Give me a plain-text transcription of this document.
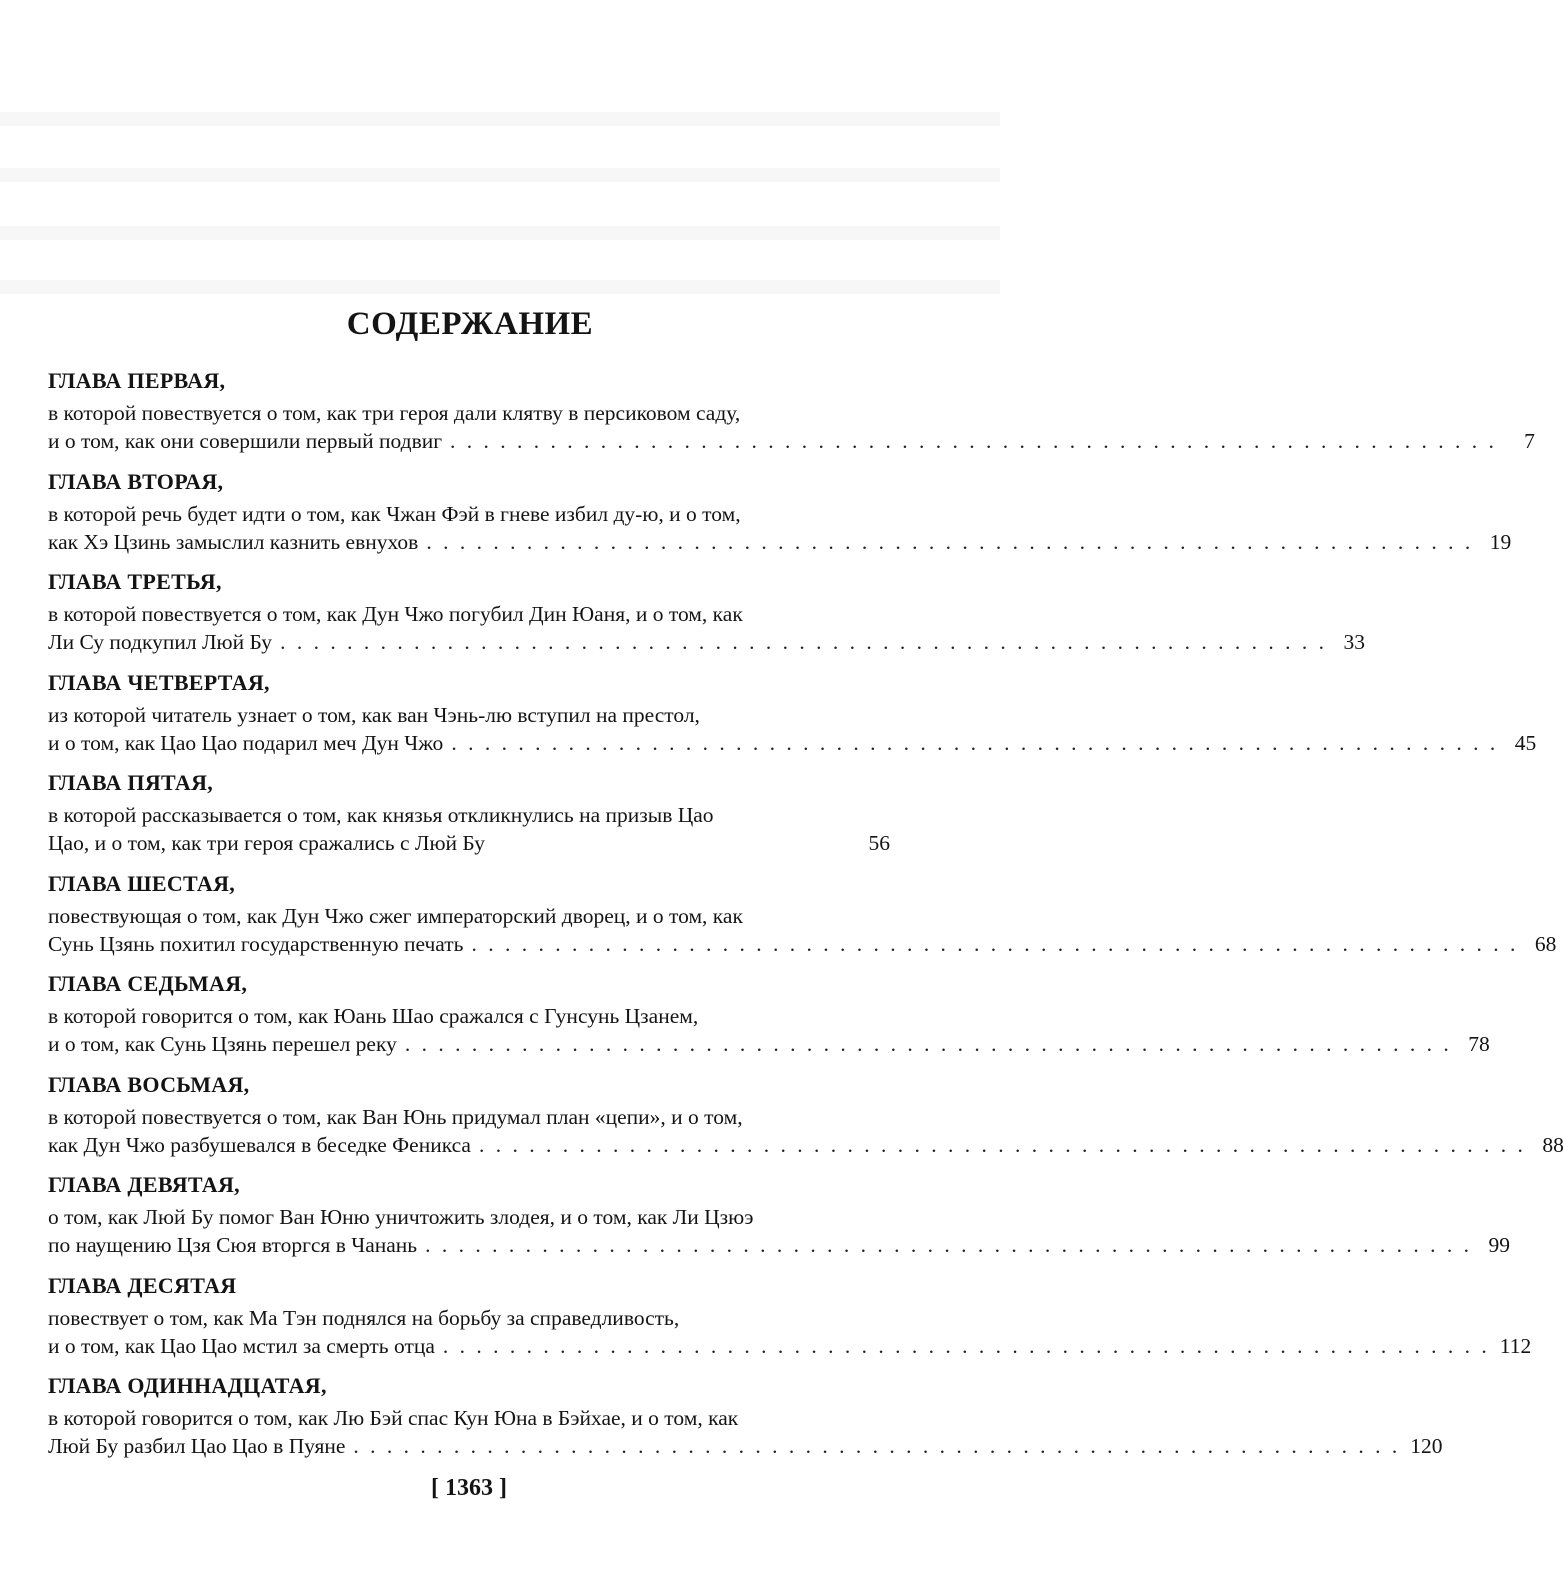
СОДЕРЖАНИЕ
ГЛАВА ПЕРВАЯ,
в которой повествуется о том, как три героя дали клятву в персиковом саду,
и о том, как они совершили первый подвиг . . . . . . . . . . . . . . . . . . . . . . . . . . . . . . . . . . . . . . . . . . . . . . . . . . . . . . . . . . . . . . .	7
ГЛАВА ВТОРАЯ,
в которой речь будет идти о том, как Чжан Фэй в гневе избил ду-ю, и о том,
как Хэ Цзинь замыслил казнить евнухов . . . . . . . . . . . . . . . . . . . . . . . . . . . . . . . . . . . . . . . . . . . . . . . . . . . . . . . . . . . . . . . 19
ГЛАВА ТРЕТЬЯ,
в которой повествуется о том, как Дун Чжо погубил Дин Юаня, и о том, как
Ли Су подкупил Люй Бу . . . . . . . . . . . . . . . . . . . . . . . . . . . . . . . . . . . . . . . . . . . . . . . . . . . . . . . . . . . . . . . 33
ГЛАВА ЧЕТВЕРТАЯ,
из которой читатель узнает о том, как ван Чэнь-лю вступил на престол,
и о том, как Цао Цао подарил меч Дун Чжо . . . . . . . . . . . . . . . . . . . . . . . . . . . . . . . . . . . . . . . . . . . . . . . . . . . . . . . . . . . . . . . 45
ГЛАВА ПЯТАЯ,
в которой рассказывается о том, как князья откликнулись на призыв Цао
Цао, и о том, как три героя сражались с Люй Бу	56
ГЛАВА ШЕСТАЯ,
повествующая о том, как Дун Чжо сжег императорский дворец, и о том, как
Сунь Цзянь похитил государственную печать . . . . . . . . . . . . . . . . . . . . . . . . . . . . . . . . . . . . . . . . . . . . . . . . . . . . . . . . . . . . . . . 68
ГЛАВА СЕДЬМАЯ,
в которой говорится о том, как Юань Шао сражался с Гунсунь Цзанем,
и о том, как Сунь Цзянь перешел реку . . . . . . . . . . . . . . . . . . . . . . . . . . . . . . . . . . . . . . . . . . . . . . . . . . . . . . . . . . . . . . . 78
ГЛАВА ВОСЬМАЯ,
в которой повествуется о том, как Ван Юнь придумал план «цепи», и о том,
как Дун Чжо разбушевался в беседке Феникса . . . . . . . . . . . . . . . . . . . . . . . . . . . . . . . . . . . . . . . . . . . . . . . . . . . . . . . . . . . . . . . 88
ГЛАВА ДЕВЯТАЯ,
о том, как Люй Бу помог Ван Юню уничтожить злодея, и о том, как Ли Цзюэ
по наущению Цзя Сюя вторгся в Чанань . . . . . . . . . . . . . . . . . . . . . . . . . . . . . . . . . . . . . . . . . . . . . . . . . . . . . . . . . . . . . . . 99
ГЛАВА ДЕСЯТАЯ
повествует о том, как Ма Тэн поднялся на борьбу за справедливость,
и о том, как Цао Цао мстил за смерть отца . . . . . . . . . . . . . . . . . . . . . . . . . . . . . . . . . . . . . . . . . . . . . . . . . . . . . . . . . . . . . . . 112
ГЛАВА ОДИННАДЦАТАЯ,
в которой говорится о том, как Лю Бэй спас Кун Юна в Бэйхае, и о том, как
Люй Бу разбил Цао Цао в Пуяне . . . . . . . . . . . . . . . . . . . . . . . . . . . . . . . . . . . . . . . . . . . . . . . . . . . . . . . . . . . . . . . 120
[ 1363 ]
